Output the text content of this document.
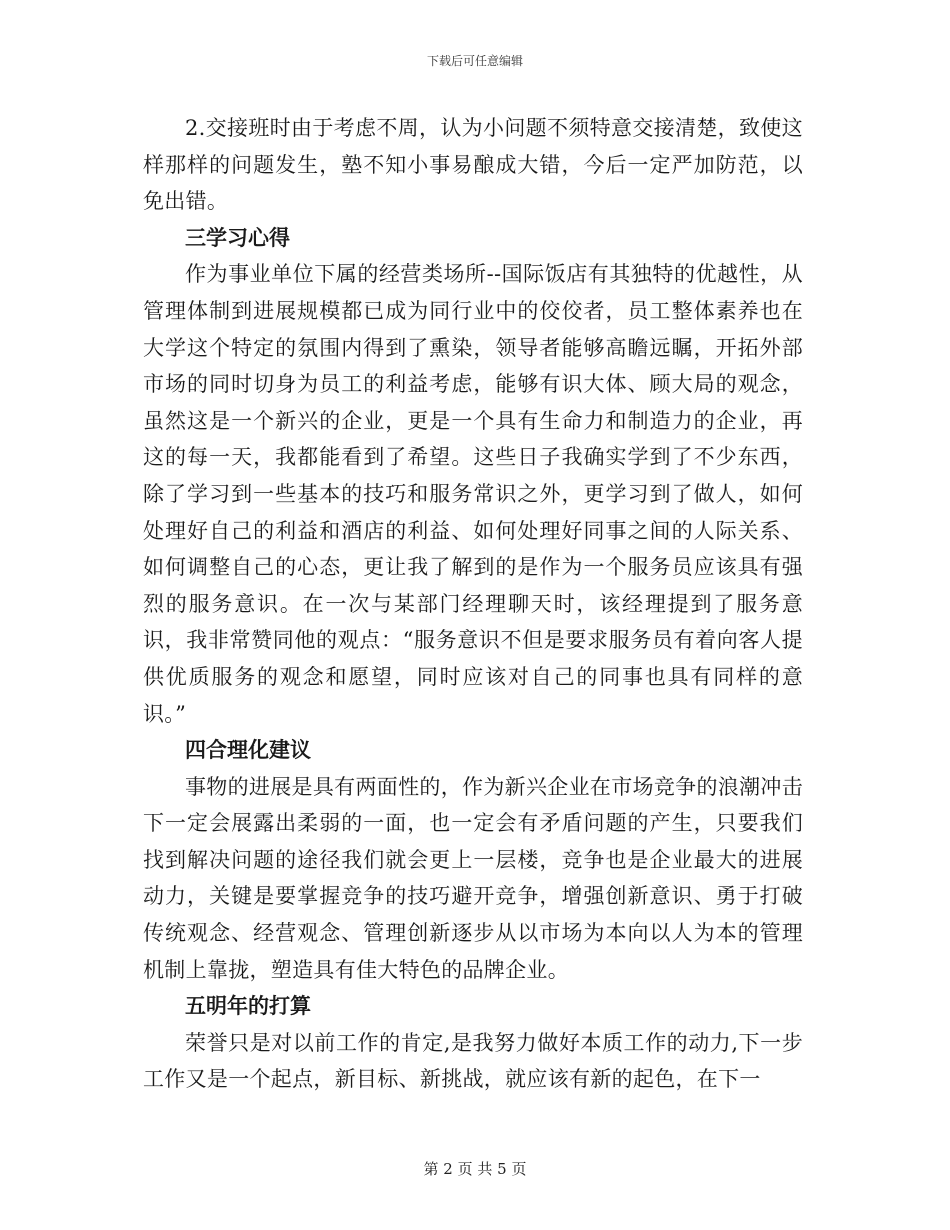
下载后可任意编辑

2.交接班时由于考虑不周，认为小问题不须特意交接清楚，致使这样那样的问题发生，塾不知小事易酿成大错，今后一定严加防范，以免出错。

三学习心得

作为事业单位下属的经营类场所--国际饭店有其独特的优越性，从管理体制到进展规模都已成为同行业中的佼佼者，员工整体素养也在大学这个特定的氛围内得到了熏染，领导者能够高瞻远瞩，开拓外部市场的同时切身为员工的利益考虑，能够有识大体、顾大局的观念，虽然这是一个新兴的企业，更是一个具有生命力和制造力的企业，再这的每一天，我都能看到了希望。这些日子我确实学到了不少东西，除了学习到一些基本的技巧和服务常识之外，更学习到了做人，如何处理好自己的利益和酒店的利益、如何处理好同事之间的人际关系、如何调整自己的心态，更让我了解到的是作为一个服务员应该具有强烈的服务意识。在一次与某部门经理聊天时，该经理提到了服务意识，我非常赞同他的观点：“服务意识不但是要求服务员有着向客人提供优质服务的观念和愿望，同时应该对自己的同事也具有同样的意识。”

四合理化建议

事物的进展是具有两面性的，作为新兴企业在市场竞争的浪潮冲击下一定会展露出柔弱的一面，也一定会有矛盾问题的产生，只要我们找到解决问题的途径我们就会更上一层楼，竞争也是企业最大的进展动力，关键是要掌握竞争的技巧避开竞争，增强创新意识、勇于打破传统观念、经营观念、管理创新逐步从以市场为本向以人为本的管理机制上靠拢，塑造具有佳大特色的品牌企业。

五明年的打算

荣誉只是对以前工作的肯定,是我努力做好本质工作的动力,下一步工作又是一个起点，新目标、新挑战，就应该有新的起色，在下一

第 2 页 共 5 页
